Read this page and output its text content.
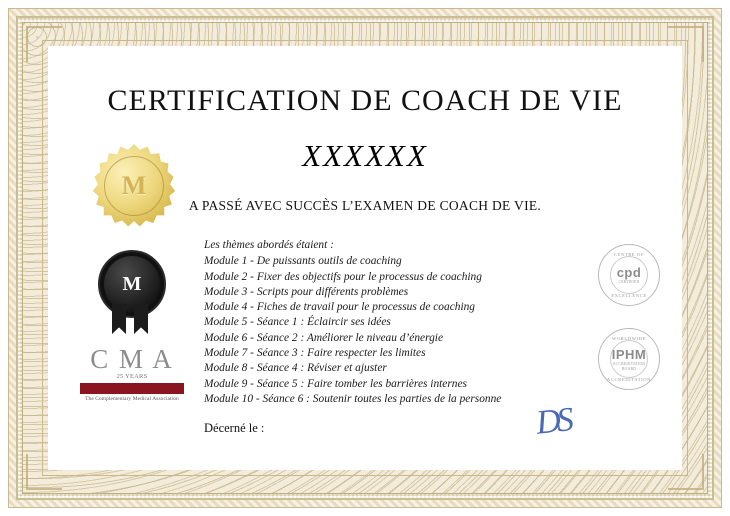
CERTIFICATION DE COACH DE VIE
XXXXXX
A PASSÉ AVEC SUCCÈS L’EXAMEN DE COACH DE VIE.
Les thèmes abordés étaient :
Module 1 - De puissants outils de coaching
Module 2 - Fixer des objectifs pour le processus de coaching
Module 3 - Scripts pour différents problèmes
Module 4 - Fiches de travail pour le processus de coaching
Module 5 - Séance 1 : Éclaircir ses idées
Module 6 - Séance 2 : Améliorer le niveau d’énergie
Module 7 - Séance 3 : Faire respecter les limites
Module 8 - Séance 4 : Réviser et ajuster
Module 9 - Séance 5 : Faire tomber les barrières internes
Module 10 - Séance 6 : Soutenir toutes les parties de la personne
Décerné le :
M
M
C M A
25 YEARS
The Complementary Medical Association
CENTRE OF
cpd
CERTIFIED
EXCELLENCE
WORLDWIDE
IPHM
ACCREDITATION BOARD
ACCREDITATION
DS
